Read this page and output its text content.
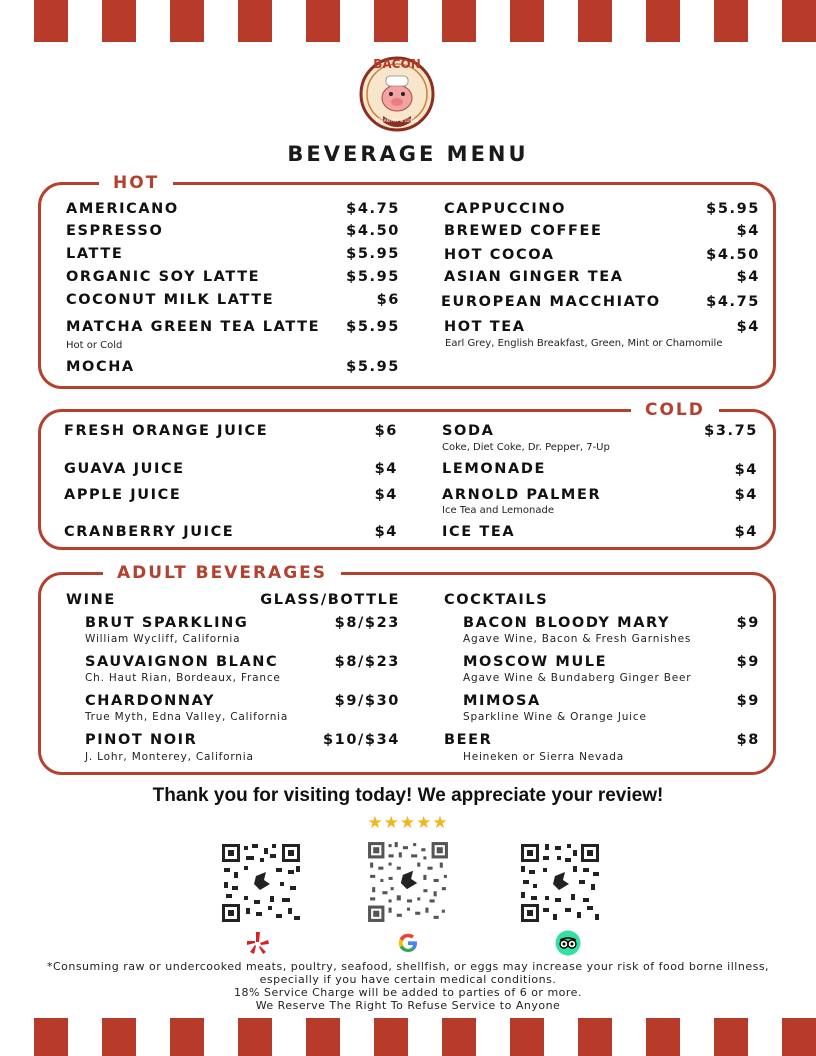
BACON
BREAKFAST & LUNCH
BEVERAGE MENU
HOT
AMERICANO	$4.75
ESPRESSO	$4.50
LATTE	$5.95
ORGANIC SOY LATTE	$5.95
COCONUT MILK LATTE	$6
MATCHA GREEN TEA LATTE	$5.95
Hot or Cold
MOCHA	$5.95
CAPPUCCINO	$5.95
BREWED COFFEE	$4
HOT COCOA	$4.50
ASIAN GINGER TEA	$4
EUROPEAN MACCHIATO	$4.75
HOT TEA	$4
Earl Grey, English Breakfast, Green, Mint or Chamomile
COLD
FRESH ORANGE JUICE	$6
GUAVA JUICE	$4
APPLE JUICE	$4
CRANBERRY JUICE	$4
SODA	$3.75
Coke, Diet Coke, Dr. Pepper, 7-Up
LEMONADE	$4
ARNOLD PALMER	$4
Ice Tea and Lemonade
ICE TEA	$4
ADULT BEVERAGES
WINE	GLASS/BOTTLE	COCKTAILS
BRUT SPARKLING	$8/$23
William Wycliff, California
SAUVAIGNON BLANC	$8/$23
Ch. Haut Rian, Bordeaux, France
CHARDONNAY	$9/$30
True Myth, Edna Valley, California
PINOT NOIR	$10/$34
J. Lohr, Monterey, California
BACON BLOODY MARY	$9
Agave Wine, Bacon & Fresh Garnishes
MOSCOW MULE	$9
Agave Wine & Bundaberg Ginger Beer
MIMOSA	$9
Sparkline Wine & Orange Juice
BEER	$8
Heineken or Sierra Nevada
Thank you for visiting today! We appreciate your review!
★★★★★
*Consuming raw or undercooked meats, poultry, seafood, shellfish, or eggs may increase your risk of food borne illness,
especially if you have certain medical conditions.
18% Service Charge will be added to parties of 6 or more.
We Reserve The Right To Refuse Service to Anyone
